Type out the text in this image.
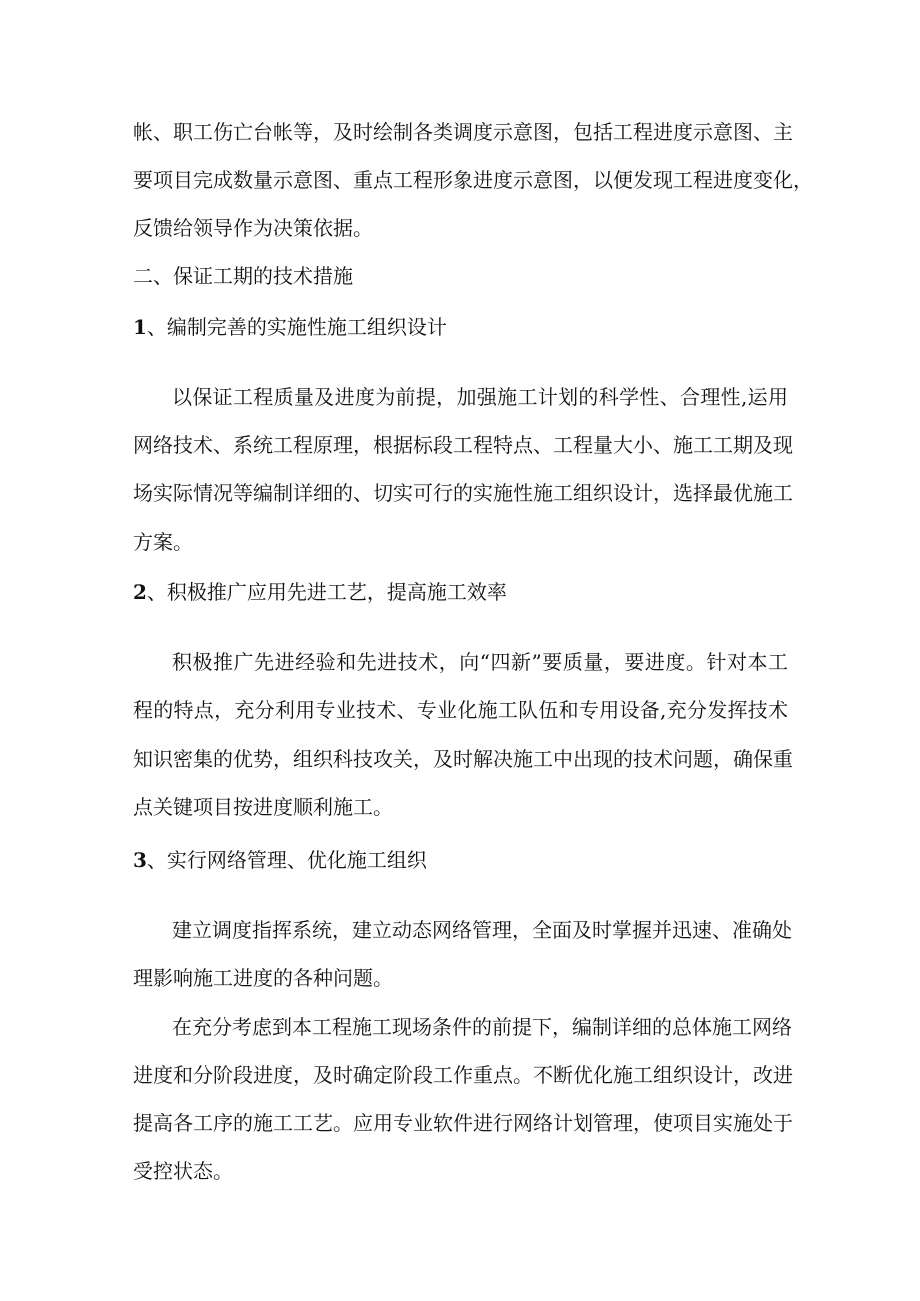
帐、职工伤亡台帐等，及时绘制各类调度示意图，包括工程进度示意图、主
要项目完成数量示意图、重点工程形象进度示意图，以便发现工程进度变化，
反馈给领导作为决策依据。
二、保证工期的技术措施
1、编制完善的实施性施工组织设计
以保证工程质量及进度为前提，加强施工计划的科学性、合理性,运用
网络技术、系统工程原理，根据标段工程特点、工程量大小、施工工期及现
场实际情况等编制详细的、切实可行的实施性施工组织设计，选择最优施工
方案。
2、积极推广应用先进工艺，提高施工效率
积极推广先进经验和先进技术，向“四新”要质量，要进度。针对本工
程的特点，充分利用专业技术、专业化施工队伍和专用设备,充分发挥技术
知识密集的优势，组织科技攻关，及时解决施工中出现的技术问题，确保重
点关键项目按进度顺利施工。
3、实行网络管理、优化施工组织
建立调度指挥系统，建立动态网络管理，全面及时掌握并迅速、准确处
理影响施工进度的各种问题。
在充分考虑到本工程施工现场条件的前提下，编制详细的总体施工网络
进度和分阶段进度，及时确定阶段工作重点。不断优化施工组织设计，改进
提高各工序的施工工艺。应用专业软件进行网络计划管理，使项目实施处于
受控状态。
